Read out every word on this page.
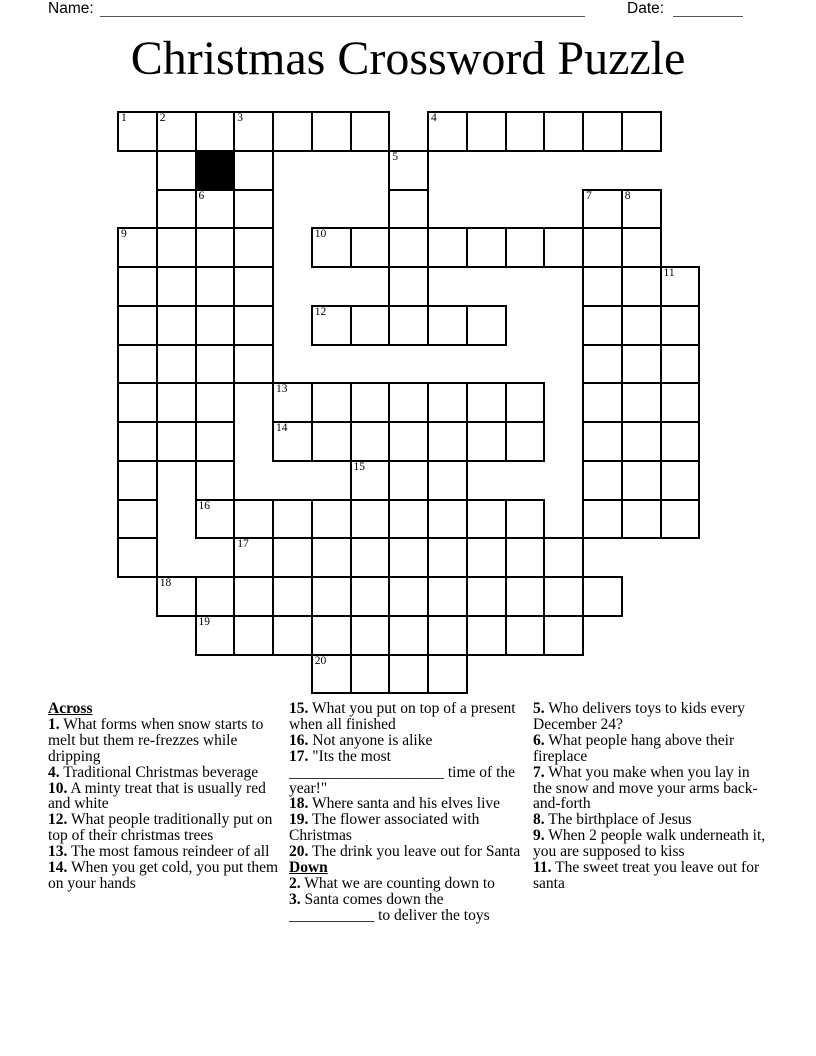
Name:	Date:
Christmas Crossword Puzzle
1	2	3	4
5
6	7	8
9	10
11
12
13
14
15
16
17
18
19
20
Across

1. What forms when snow starts to melt but them re-frezzes while dripping

4. Traditional Christmas beverage

10. A minty treat that is usually red and white

12. What people traditionally put on top of their christmas trees

13. The most famous reindeer of all

14. When you get cold, you put them on your hands

15. What you put on top of a present when all finished

16. Not anyone is alike

17. "Its the most ____________________ time of the year!"

18. Where santa and his elves live

19. The flower associated with Christmas

20. The drink you leave out for Santa

Down

2. What we are counting down to

3. Santa comes down the ___________ to deliver the toys

5. Who delivers toys to kids every December 24?

6. What people hang above their fireplace

7. What you make when you lay in the snow and move your arms back-and-forth

8. The birthplace of Jesus

9. When 2 people walk underneath it, you are supposed to kiss

11. The sweet treat you leave out for santa
